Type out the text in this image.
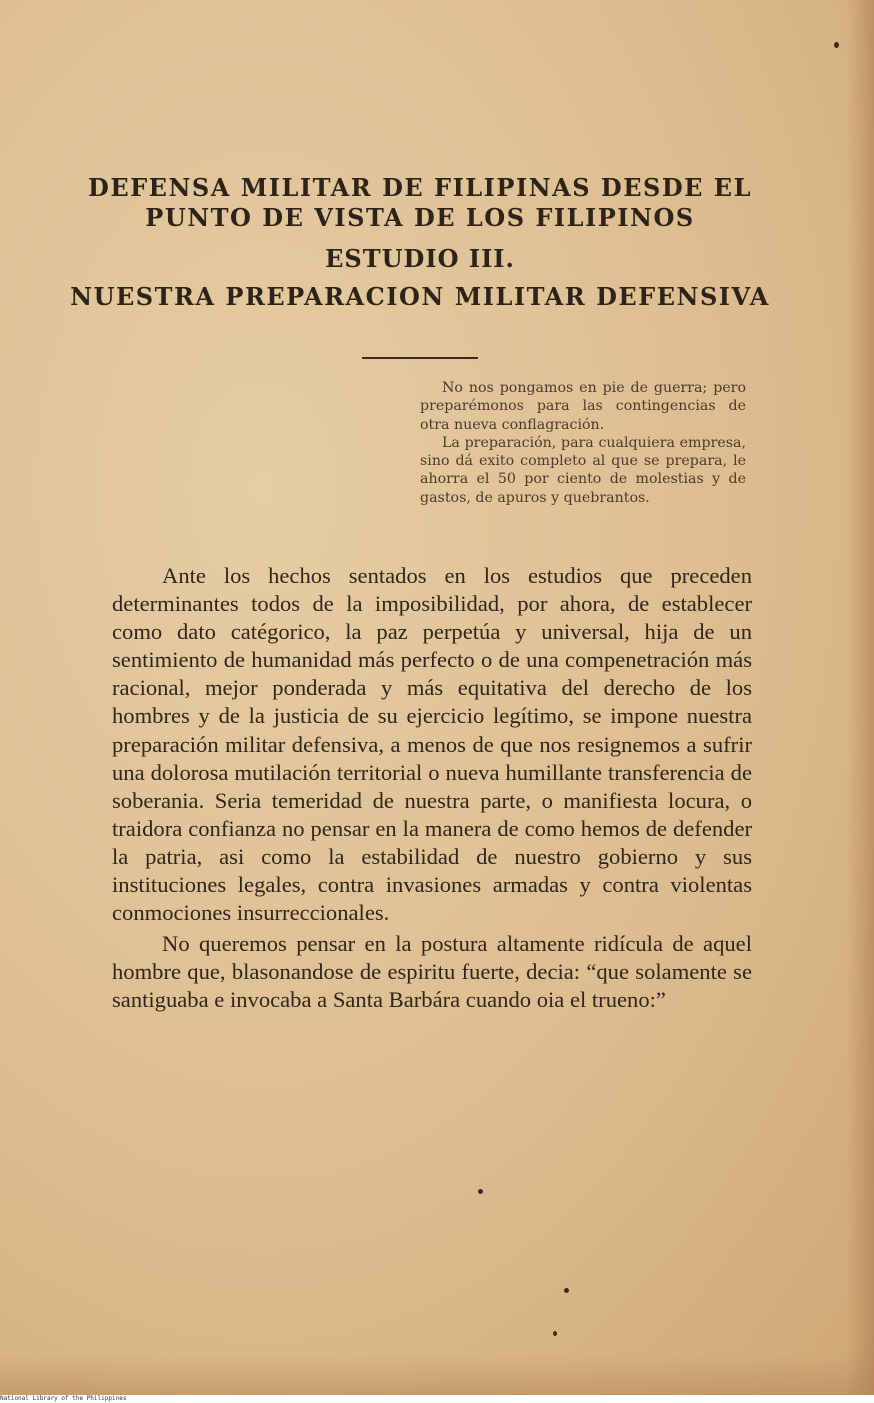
DEFENSA MILITAR DE FILIPINAS DESDE EL PUNTO DE VISTA DE LOS FILIPINOS
ESTUDIO III.
NUESTRA PREPARACION MILITAR DEFENSIVA

No nos pongamos en pie de guerra; pero preparémonos para las contingencias de otra nueva conflagración.

La preparación, para cualquiera empresa, sino dá exito completo al que se prepara, le ahorra el 50 por ciento de molestias y de gastos, de apuros y quebrantos.

Ante los hechos sentados en los estudios que preceden determinantes todos de la imposibilidad, por ahora, de establecer como dato catégorico, la paz perpetúa y universal, hija de un sentimiento de humanidad más perfecto o de una compenetración más racional, mejor ponderada y más equitativa del derecho de los hombres y de la justicia de su ejercicio legítimo, se impone nuestra preparación militar defensiva, a menos de que nos resignemos a sufrir una dolorosa mutilación territorial o nueva humillante transferencia de soberania. Seria temeridad de nuestra parte, o manifiesta locura, o traidora confianza no pensar en la manera de como hemos de defender la patria, asi como la estabilidad de nuestro gobierno y sus instituciones legales, contra invasiones armadas y contra violentas conmociones insurreccionales.

No queremos pensar en la postura altamente ridícula de aquel hombre que, blasonandose de espiritu fuerte, decia: “que solamente se santiguaba e invocaba a Santa Barbára cuando oia el trueno:”

National Library of the Philippines
